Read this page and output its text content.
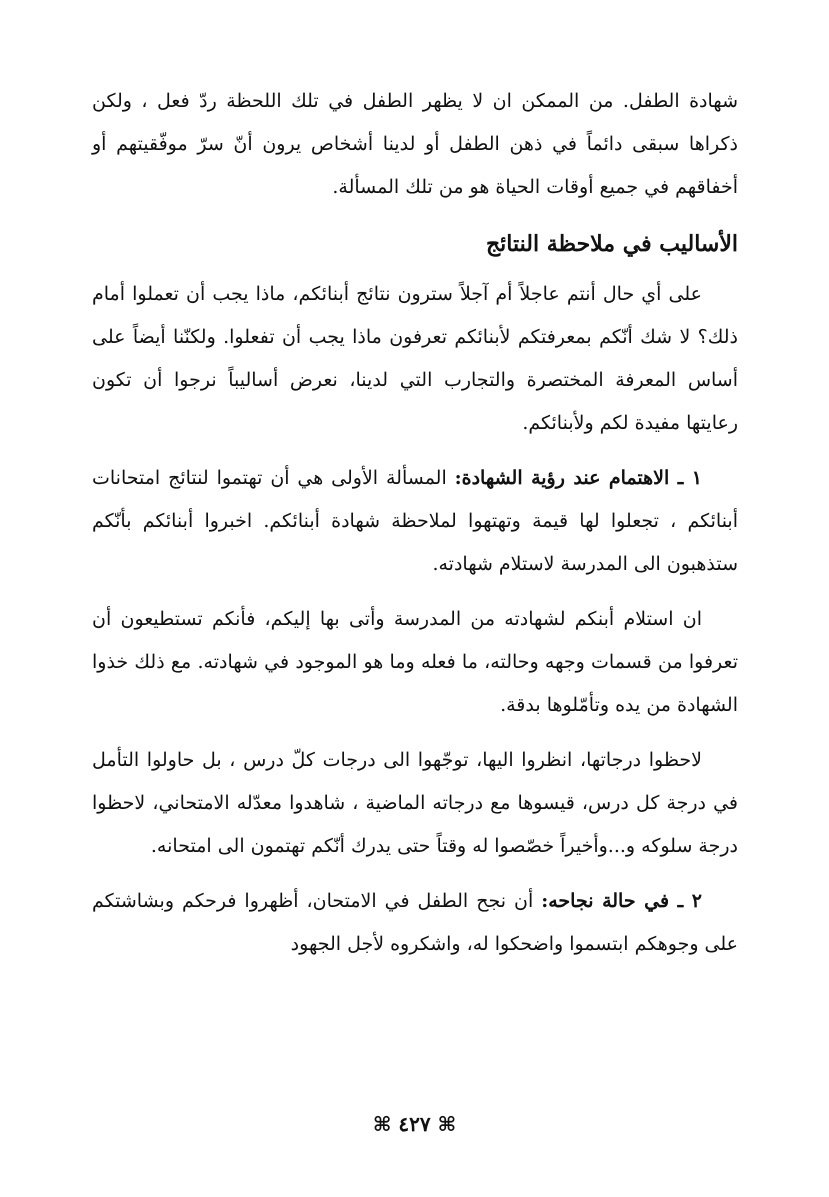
شهادة الطفل. من الممكن ان لا يظهر الطفل في تلك اللحظة ردّ فعل ، ولكن ذكراها سبقى دائماً في ذهن الطفل أو لدينا أشخاص يرون أنّ سرّ موفّقيتهم أو أخفاقهم في جميع أوقات الحياة هو من تلك المسألة.

الأساليب في ملاحظة النتائج

على أي حال أنتم عاجلاً أم آجلاً سترون نتائج أبنائكم، ماذا يجب أن تعملوا أمام ذلك؟ لا شك أنّكم بمعرفتكم لأبنائكم تعرفون ماذا يجب أن تفعلوا. ولكنّنا أيضاً على أساس المعرفة المختصرة والتجارب التي لدينا، نعرض أساليباً نرجوا أن تكون رعايتها مفيدة لكم ولأبنائكم.

١ ـ الاهتمام عند رؤية الشهادة: المسألة الأولى هي أن تهتموا لنتائج امتحانات أبنائكم ، تجعلوا لها قيمة وتهتهوا لملاحظة شهادة أبنائكم. اخبروا أبنائكم بأنّكم ستذهبون الى المدرسة لاستلام شهادته.

ان استلام أبنكم لشهادته من المدرسة وأتى بها إليكم، فأنكم تستطيعون أن تعرفوا من قسمات وجهه وحالته، ما فعله وما هو الموجود في شهادته. مع ذلك خذوا الشهادة من يده وتأمّلوها بدقة.

لاحظوا درجاتها، انظروا اليها، توجّهوا الى درجات كلّ درس ، بل حاولوا التأمل في درجة كل درس، قيسوها مع درجاته الماضية ، شاهدوا معدّله الامتحاني، لاحظوا درجة سلوكه و...وأخيراً خصّصوا له وقتاً حتى يدرك أنّكم تهتمون الى امتحانه.

٢ ـ في حالة نجاحه: أن نجح الطفل في الامتحان، أظهروا فرحكم وبشاشتكم على وجوهكم ابتسموا واضحكوا له، واشكروه لأجل الجهود

⌘ ٤٢٧ ⌘
